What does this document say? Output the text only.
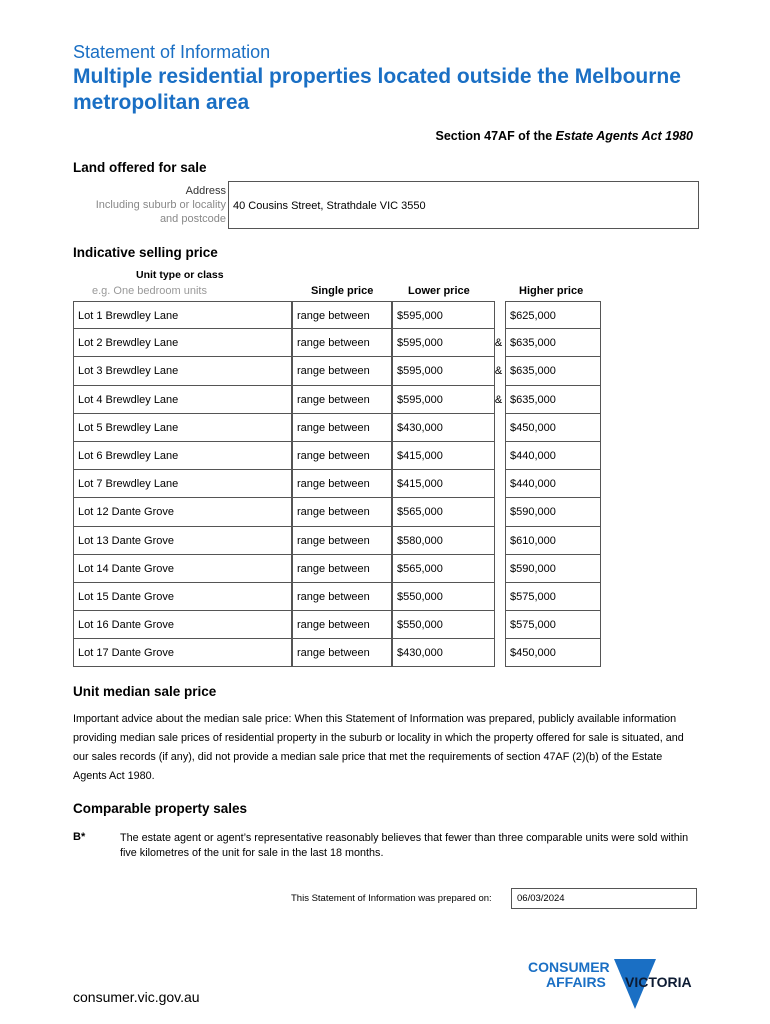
Statement of Information
Multiple residential properties located outside the Melbourne metropolitan area
Section 47AF of the Estate Agents Act 1980
Land offered for sale
Address
Including suburb or locality
and postcode
40 Cousins Street, Strathdale VIC 3550
Indicative selling price
Unit type or class
e.g. One bedroom units	Single price	Lower price	Higher price
Lot 1 Brewdley Lane	range between	$595,000	$625,000
Lot 2 Brewdley Lane	range between	$595,000	& $635,000
Lot 3 Brewdley Lane	range between	$595,000	& $635,000
Lot 4 Brewdley Lane	range between	$595,000	& $635,000
Lot 5 Brewdley Lane	range between	$430,000	$450,000
Lot 6 Brewdley Lane	range between	$415,000	$440,000
Lot 7 Brewdley Lane	range between	$415,000	$440,000
Lot 12 Dante Grove	range between	$565,000	$590,000
Lot 13 Dante Grove	range between	$580,000	$610,000
Lot 14 Dante Grove	range between	$565,000	$590,000
Lot 15 Dante Grove	range between	$550,000	$575,000
Lot 16 Dante Grove	range between	$550,000	$575,000
Lot 17 Dante Grove	range between	$430,000	$450,000
Unit median sale price
Important advice about the median sale price: When this Statement of Information was prepared, publicly available information providing median sale prices of residential property in the suburb or locality in which the property offered for sale is situated, and our sales records (if any), did not provide a median sale price that met the requirements of section 47AF (2)(b) of the Estate Agents Act 1980.
Comparable property sales
B*	The estate agent or agent’s representative reasonably believes that fewer than three comparable units were sold within five kilometres of the unit for sale in the last 18 months.
This Statement of Information was prepared on:	06/03/2024
CONSUMER
AFFAIRS VICTORIA
consumer.vic.gov.au
